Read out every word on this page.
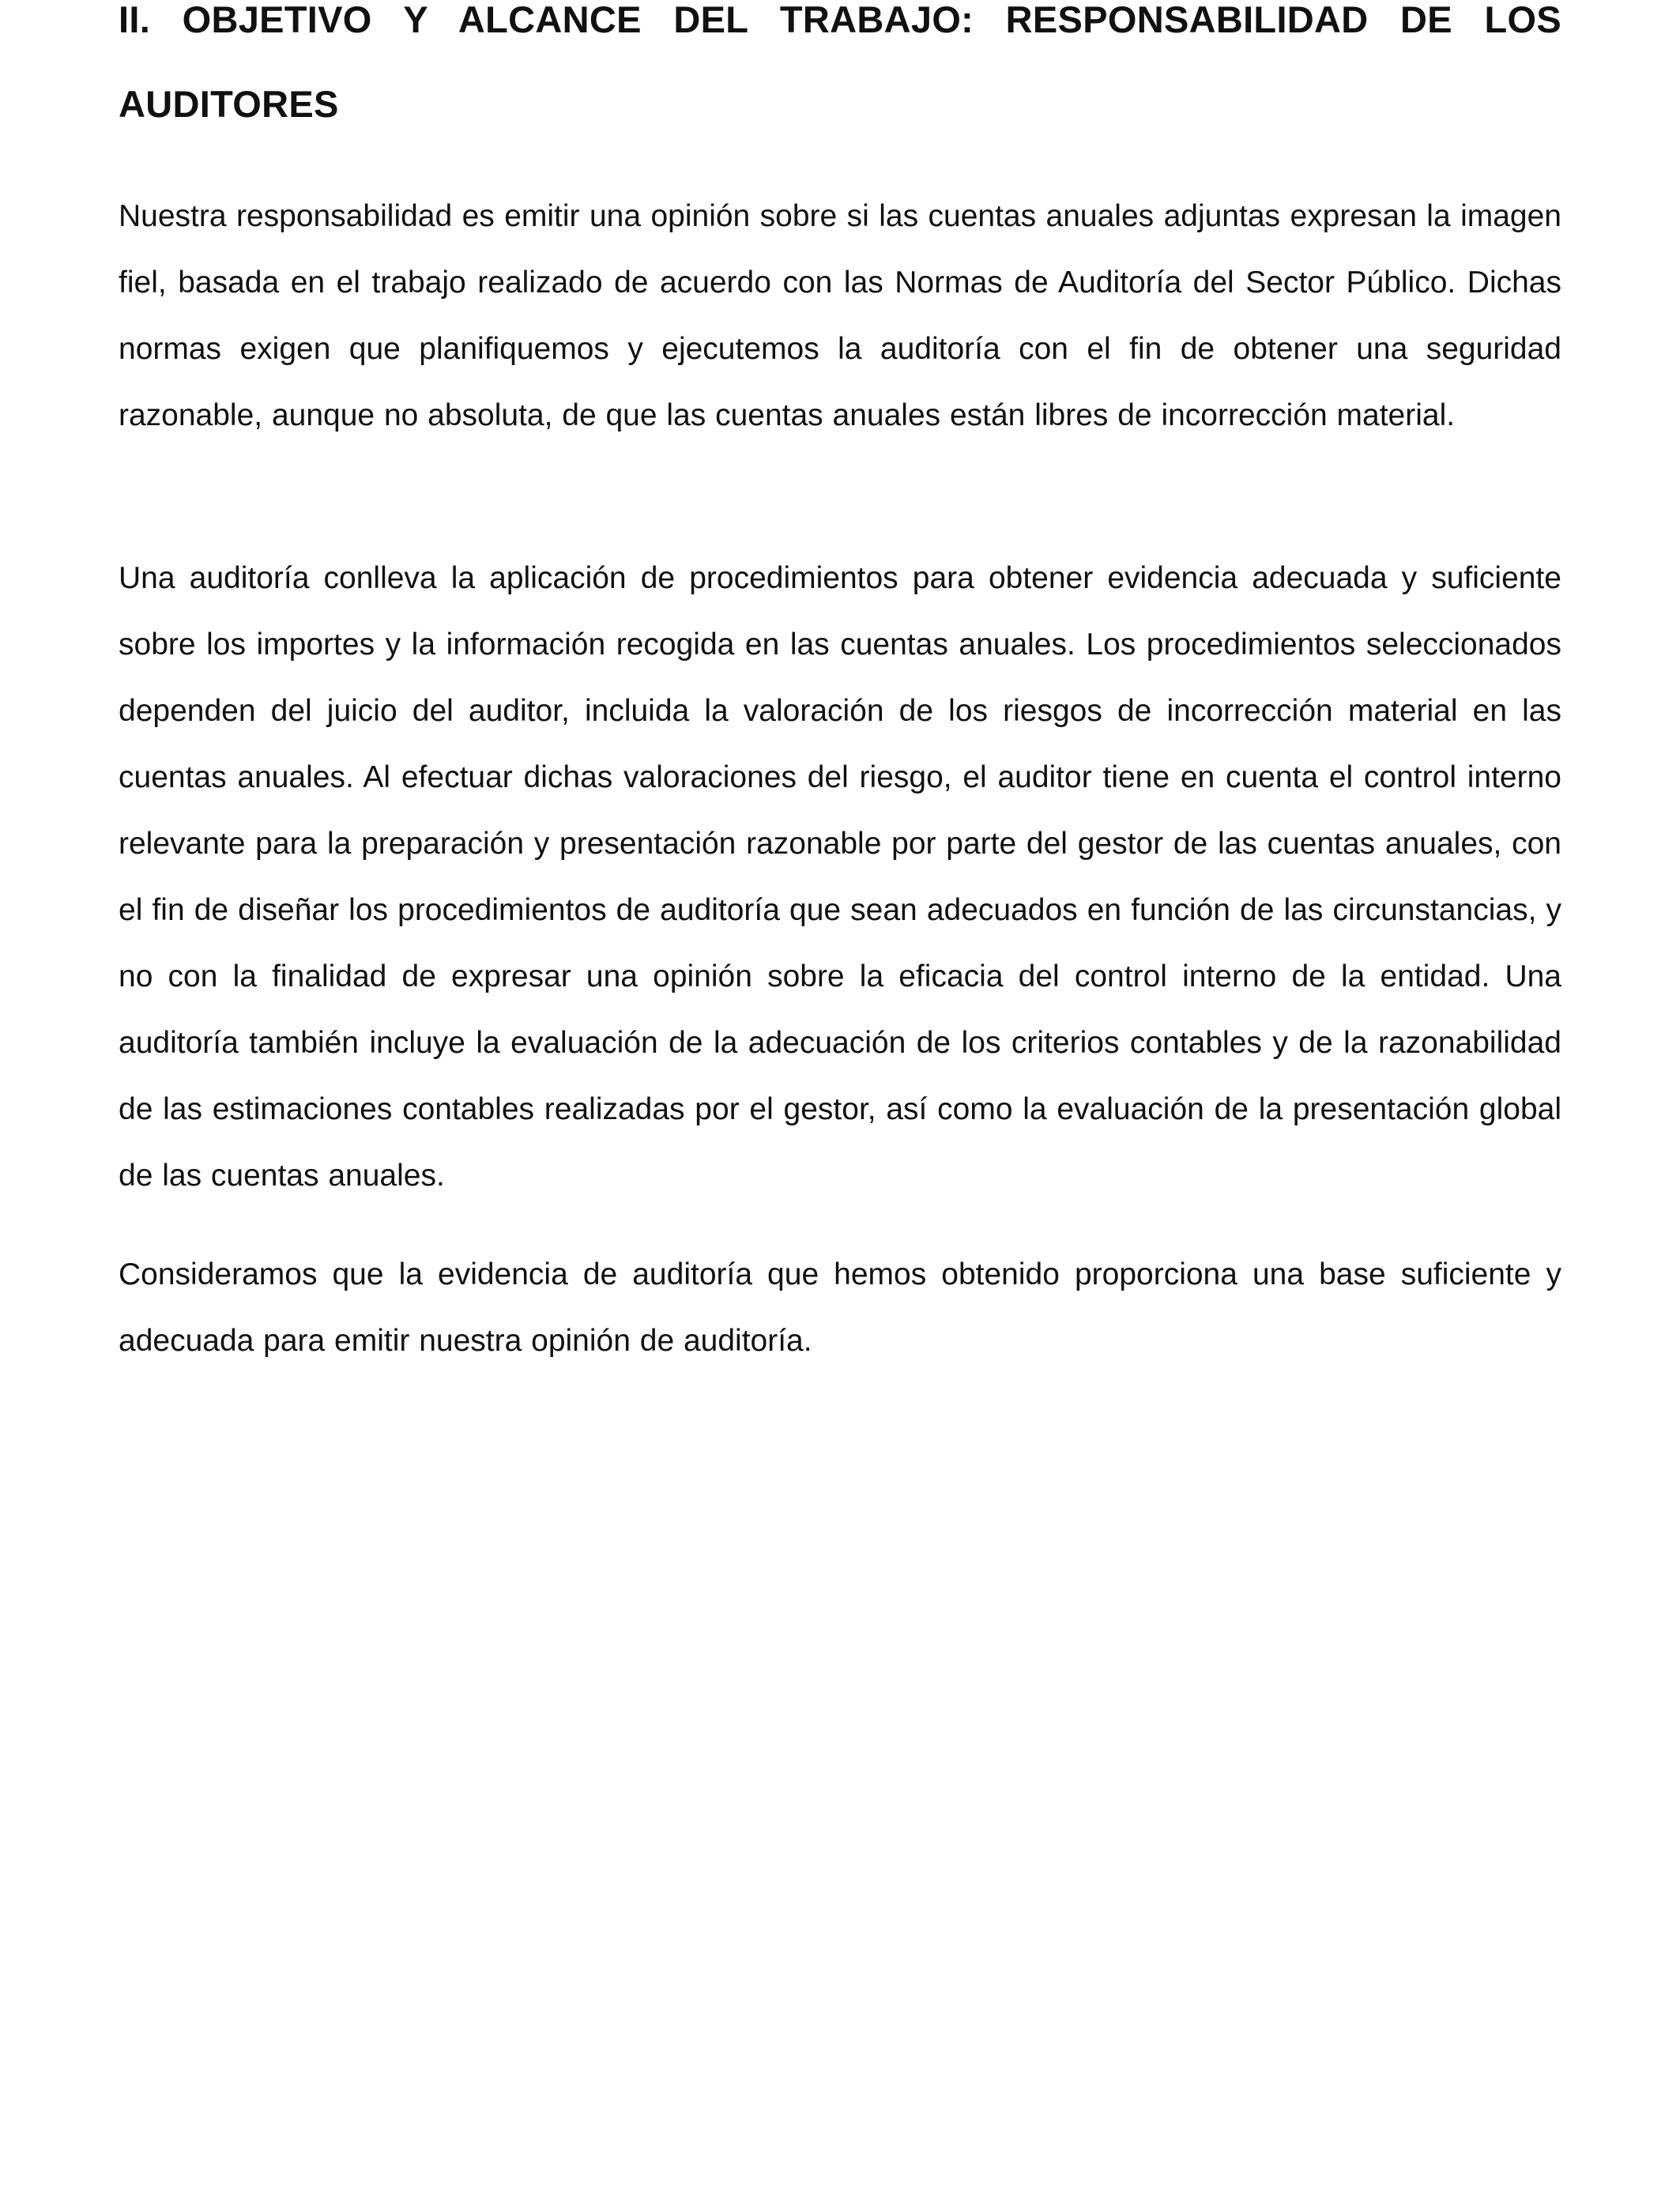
II. OBJETIVO Y ALCANCE DEL TRABAJO: RESPONSABILIDAD DE LOS AUDITORES

Nuestra responsabilidad es emitir una opinión sobre si las cuentas anuales adjuntas expresan la imagen fiel, basada en el trabajo realizado de acuerdo con las Normas de Auditoría del Sector Público. Dichas normas exigen que planifiquemos y ejecutemos la auditoría con el fin de obtener una seguridad razonable, aunque no absoluta, de que las cuentas anuales están libres de incorrección material.

Una auditoría conlleva la aplicación de procedimientos para obtener evidencia adecuada y suficiente sobre los importes y la información recogida en las cuentas anuales. Los procedimientos seleccionados dependen del juicio del auditor, incluida la valoración de los riesgos de incorrección material en las cuentas anuales. Al efectuar dichas valoraciones del riesgo, el auditor tiene en cuenta el control interno relevante para la preparación y presentación razonable por parte del gestor de las cuentas anuales, con el fin de diseñar los procedimientos de auditoría que sean adecuados en función de las circunstancias, y no con la finalidad de expresar una opinión sobre la eficacia del control interno de la entidad. Una auditoría también incluye la evaluación de la adecuación de los criterios contables y de la razonabilidad de las estimaciones contables realizadas por el gestor, así como la evaluación de la presentación global de las cuentas anuales.

Consideramos que la evidencia de auditoría que hemos obtenido proporciona una base suficiente y adecuada para emitir nuestra opinión de auditoría.
